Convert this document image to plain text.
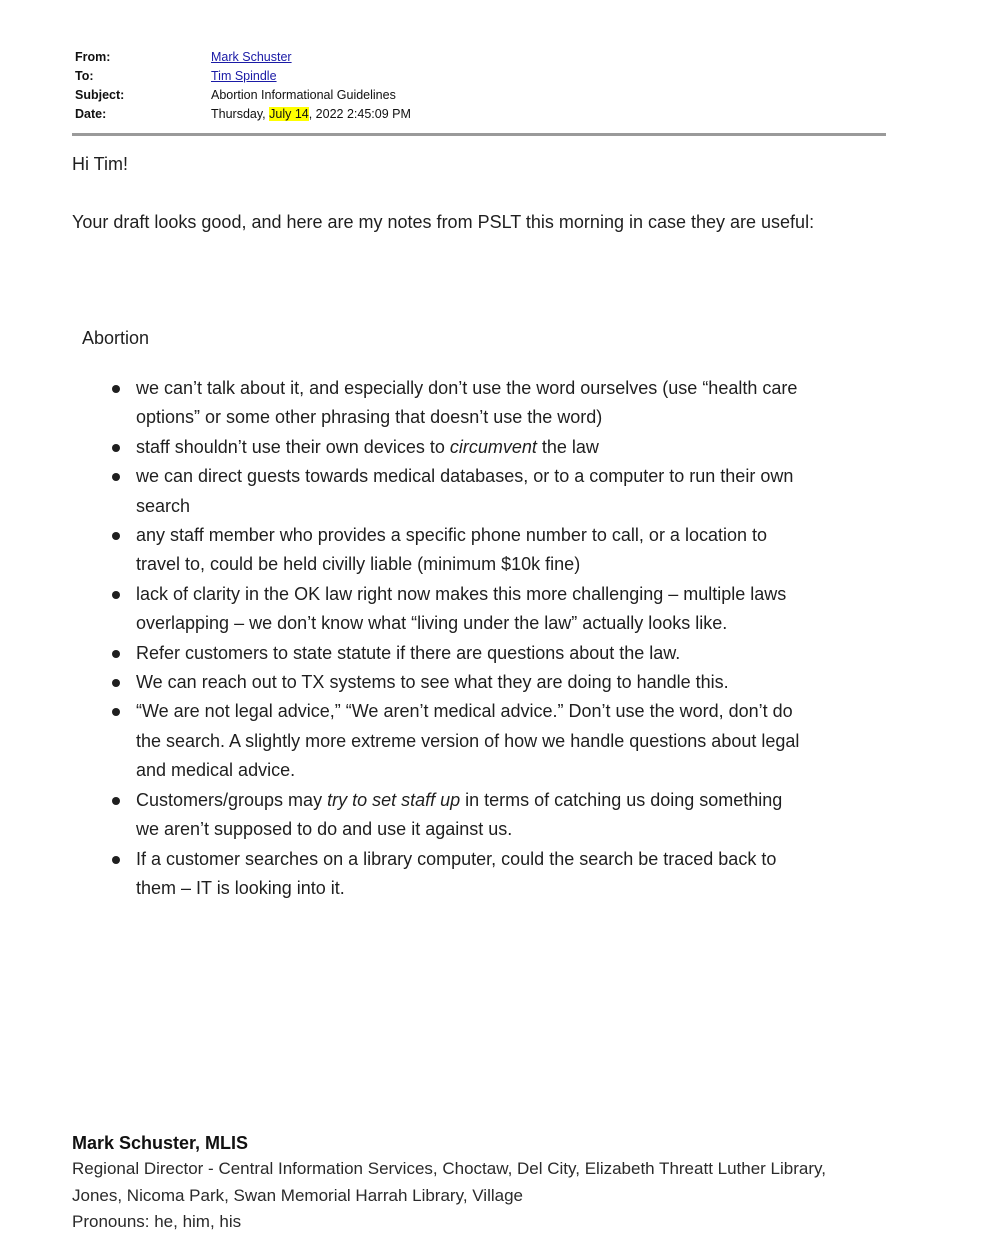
From:	Mark Schuster
To:	Tim Spindle
Subject:	Abortion Informational Guidelines
Date:	Thursday, July 14, 2022 2:45:09 PM
Hi Tim!
Your draft looks good, and here are my notes from PSLT this morning in case they are useful:
Abortion
we can’t talk about it, and especially don’t use the word ourselves (use “health care options” or some other phrasing that doesn’t use the word)
staff shouldn’t use their own devices to circumvent the law
we can direct guests towards medical databases, or to a computer to run their own search
any staff member who provides a specific phone number to call, or a location to travel to, could be held civilly liable (minimum $10k fine)
lack of clarity in the OK law right now makes this more challenging – multiple laws overlapping – we don’t know what “living under the law” actually looks like.
Refer customers to state statute if there are questions about the law.
We can reach out to TX systems to see what they are doing to handle this.
“We are not legal advice,” “We aren’t medical advice.” Don’t use the word, don’t do the search. A slightly more extreme version of how we handle questions about legal and medical advice.
Customers/groups may try to set staff up in terms of catching us doing something we aren’t supposed to do and use it against us.
If a customer searches on a library computer, could the search be traced back to them – IT is looking into it.
Mark Schuster, MLIS
Regional Director - Central Information Services, Choctaw, Del City, Elizabeth Threatt Luther Library,
Jones, Nicoma Park, Swan Memorial Harrah Library, Village
Pronouns: he, him, his
